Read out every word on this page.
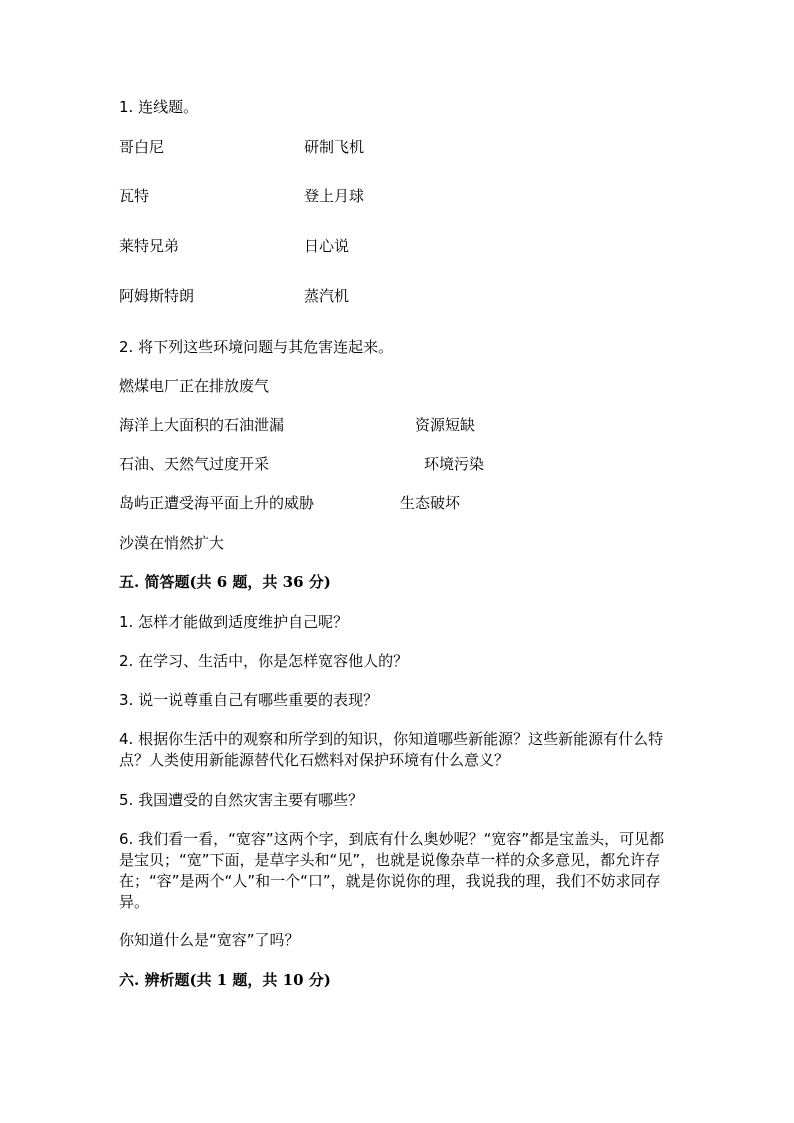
1. 连线题。
哥白尼	研制飞机
瓦特	登上月球
莱特兄弟	日心说
阿姆斯特朗	蒸汽机
2. 将下列这些环境问题与其危害连起来。
燃煤电厂正在排放废气
海洋上大面积的石油泄漏	资源短缺
石油、天然气过度开采	环境污染
岛屿正遭受海平面上升的威胁	生态破坏
沙漠在悄然扩大
五. 简答题(共 6 题，共 36 分)
1. 怎样才能做到适度维护自己呢？
2. 在学习、生活中，你是怎样宽容他人的？
3. 说一说尊重自己有哪些重要的表现？
4. 根据你生活中的观察和所学到的知识，你知道哪些新能源？这些新能源有什么特点？人类使用新能源替代化石燃料对保护环境有什么意义？
5. 我国遭受的自然灾害主要有哪些？
6. 我们看一看，“宽容”这两个字，到底有什么奥妙呢？“宽容”都是宝盖头，可见都是宝贝；“宽”下面，是草字头和“见”，也就是说像杂草一样的众多意见，都允许存在；“容”是两个“人”和一个“口”，就是你说你的理，我说我的理，我们不妨求同存异。
你知道什么是“宽容”了吗？
六. 辨析题(共 1 题，共 10 分)
